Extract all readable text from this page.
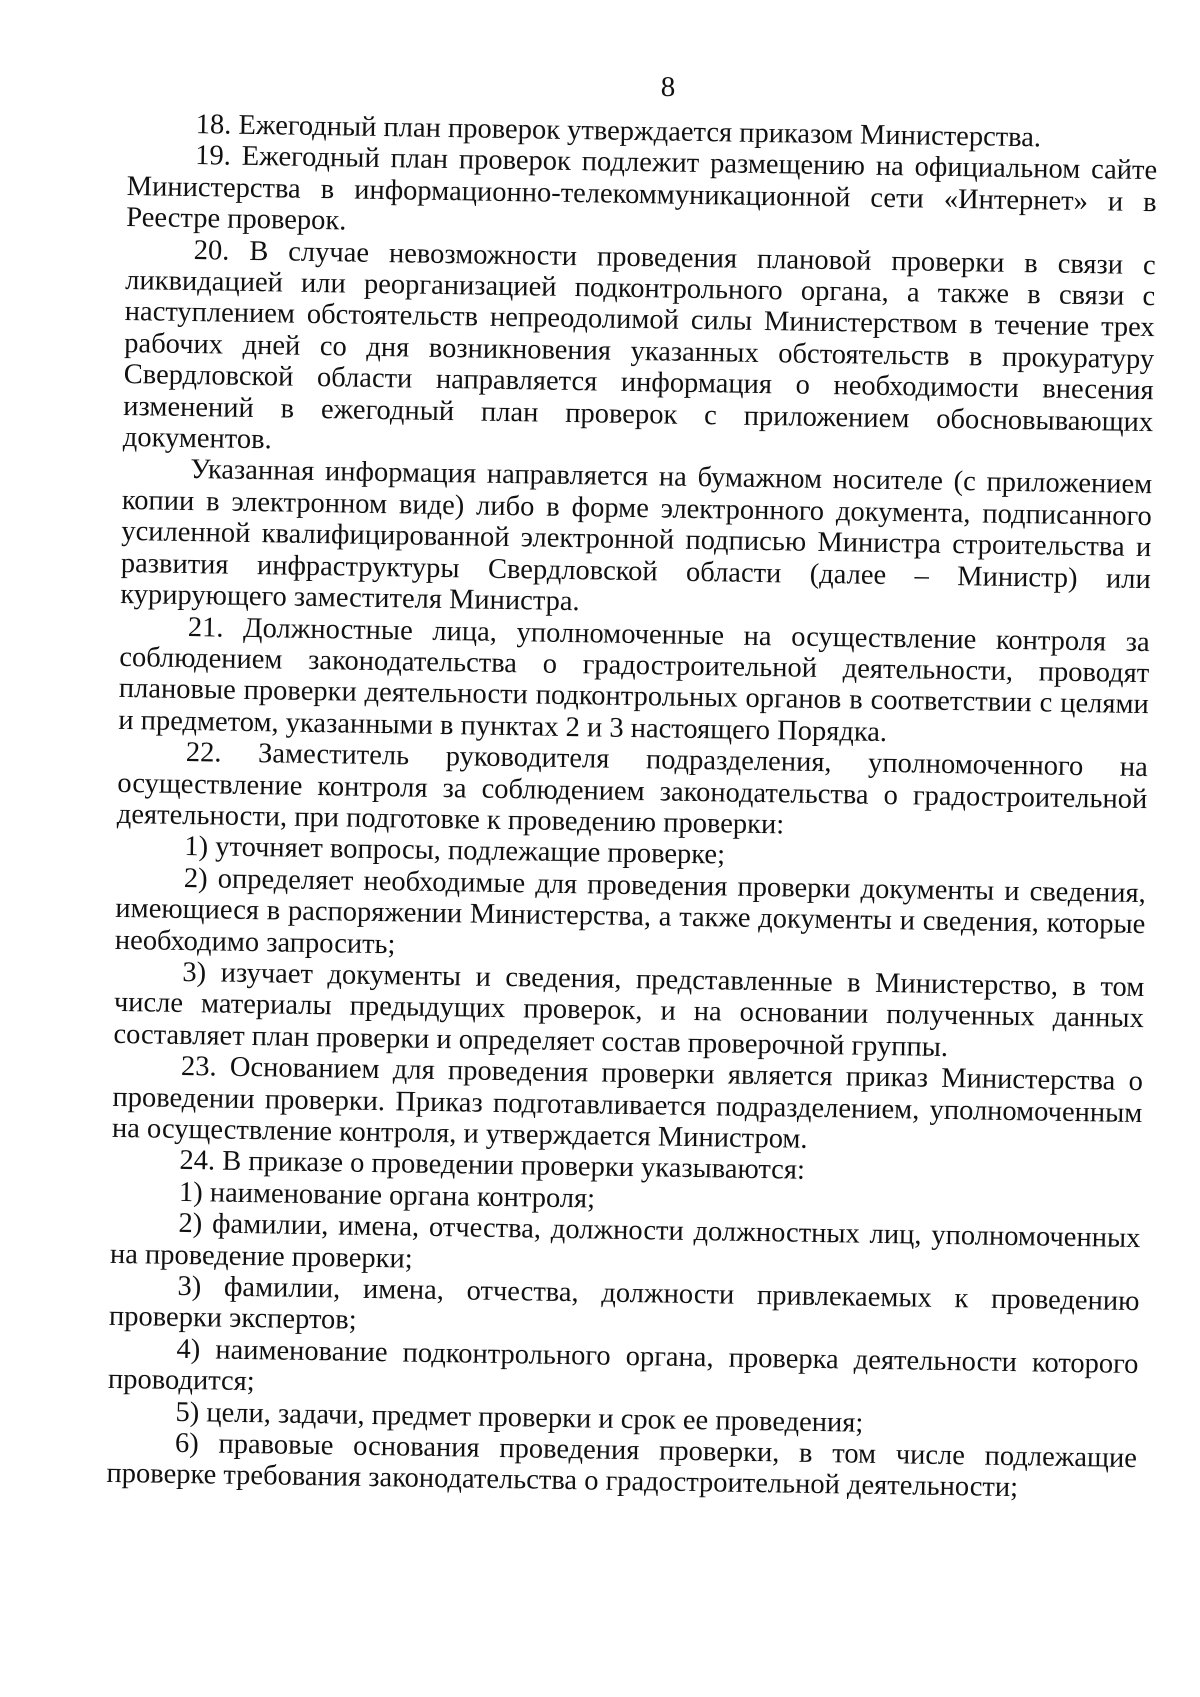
8

18. Ежегодный план проверок утверждается приказом Министерства.

19. Ежегодный план проверок подлежит размещению на официальном сайте Министерства в информационно-телекоммуникационной сети «Интернет» и в Реестре проверок.

20. В случае невозможности проведения плановой проверки в связи с ликвидацией или реорганизацией подконтрольного органа, а также в связи с наступлением обстоятельств непреодолимой силы Министерством в течение трех рабочих дней со дня возникновения указанных обстоятельств в прокуратуру Свердловской области направляется информация о необходимости внесения изменений в ежегодный план проверок с приложением обосновывающих документов.

Указанная информация направляется на бумажном носителе (с приложением копии в электронном виде) либо в форме электронного документа, подписанного усиленной квалифицированной электронной подписью Министра строительства и развития инфраструктуры Свердловской области (далее – Министр) или курирующего заместителя Министра.

21. Должностные лица, уполномоченные на осуществление контроля за соблюдением законодательства о градостроительной деятельности, проводят плановые проверки деятельности подконтрольных органов в соответствии с целями и предметом, указанными в пунктах 2 и 3 настоящего Порядка.

22. Заместитель руководителя подразделения, уполномоченного на осуществление контроля за соблюдением законодательства о градостроительной деятельности, при подготовке к проведению проверки:

1) уточняет вопросы, подлежащие проверке;

2) определяет необходимые для проведения проверки документы и сведения, имеющиеся в распоряжении Министерства, а также документы и сведения, которые необходимо запросить;

3) изучает документы и сведения, представленные в Министерство, в том числе материалы предыдущих проверок, и на основании полученных данных составляет план проверки и определяет состав проверочной группы.

23. Основанием для проведения проверки является приказ Министерства о проведении проверки. Приказ подготавливается подразделением, уполномоченным на осуществление контроля, и утверждается Министром.

24. В приказе о проведении проверки указываются:

1) наименование органа контроля;

2) фамилии, имена, отчества, должности должностных лиц, уполномоченных на проведение проверки;

3) фамилии, имена, отчества, должности привлекаемых к проведению проверки экспертов;

4) наименование подконтрольного органа, проверка деятельности которого проводится;

5) цели, задачи, предмет проверки и срок ее проведения;

6) правовые основания проведения проверки, в том числе подлежащие проверке требования законодательства о градостроительной деятельности;
